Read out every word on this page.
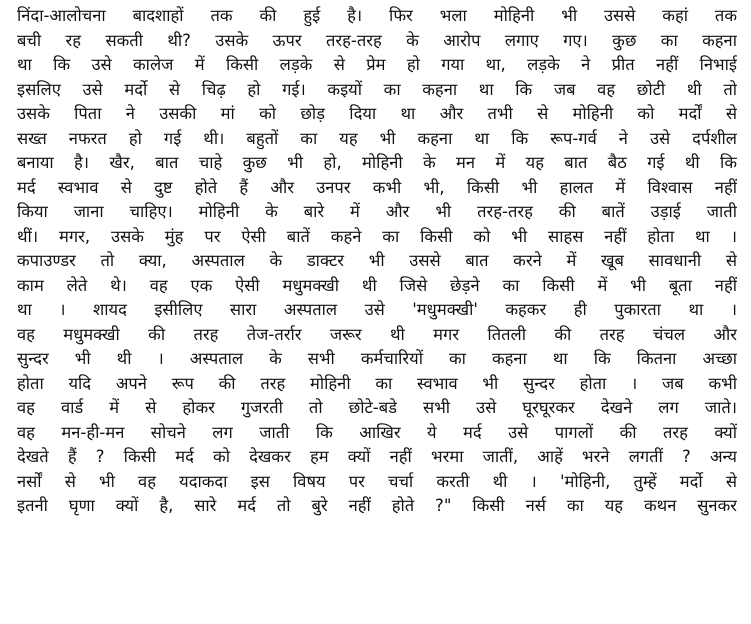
निंदा-आलोचना बादशाहों तक की हुई है। फिर भला मोहिनी भी उससे कहां तक
बची रह सकती थी? उसके ऊपर तरह-तरह के आरोप लगाए गए। कुछ का कहना
था कि उसे कालेज में किसी लड़के से प्रेम हो गया था, लड़के ने प्रीत नहीं निभाई
इसलिए उसे मर्दो से चिढ़ हो गई। कइयों का कहना था कि जब वह छोटी थी तो
उसके पिता ने उसकी मां को छोड़ दिया था और तभी से मोहिनी को मर्दों से
सख्त नफरत हो गई थी। बहुतों का यह भी कहना था कि रूप-गर्व ने उसे दर्पशील
बनाया है। खैर, बात चाहे कुछ भी हो, मोहिनी के मन में यह बात बैठ गई थी कि
मर्द स्वभाव से दुष्ट होते हैं और उनपर कभी भी, किसी भी हालत में विश्वास नहीं
किया जाना चाहिए। मोहिनी के बारे में और भी तरह-तरह की बातें उड़ाई जाती
थीं। मगर, उसके मुंह पर ऐसी बातें कहने का किसी को भी साहस नहीं होता था ।
कपाउण्डर तो क्या, अस्पताल के डाक्टर भी उससे बात करने में खूब सावधानी से
काम लेते थे। वह एक ऐसी मधुमक्खी थी जिसे छेड़ने का किसी में भी बूता नहीं
था । शायद इसीलिए सारा अस्पताल उसे 'मधुमक्खी' कहकर ही पुकारता था ।
वह मधुमक्खी की तरह तेज-तर्रार जरूर थी मगर तितली की तरह चंचल और
सुन्दर भी थी । अस्पताल के सभी कर्मचारियों का कहना था कि कितना अच्छा
होता यदि अपने रूप की तरह मोहिनी का स्वभाव भी सुन्दर होता । जब कभी
वह वार्ड में से होकर गुजरती तो छोटे-बडे सभी उसे घूरघूरकर देखने लग जाते।
वह मन-ही-मन सोचने लग जाती कि आखिर ये मर्द उसे पागलों की तरह क्यों
देखते हैं ? किसी मर्द को देखकर हम क्यों नहीं भरमा जातीं, आहें भरने लगतीं ? अन्य
नर्सों से भी वह यदाकदा इस विषय पर चर्चा करती थी । 'मोहिनी, तुम्हें मर्दो से
इतनी घृणा क्यों है, सारे मर्द तो बुरे नहीं होते ?" किसी नर्स का यह कथन सुनकर
